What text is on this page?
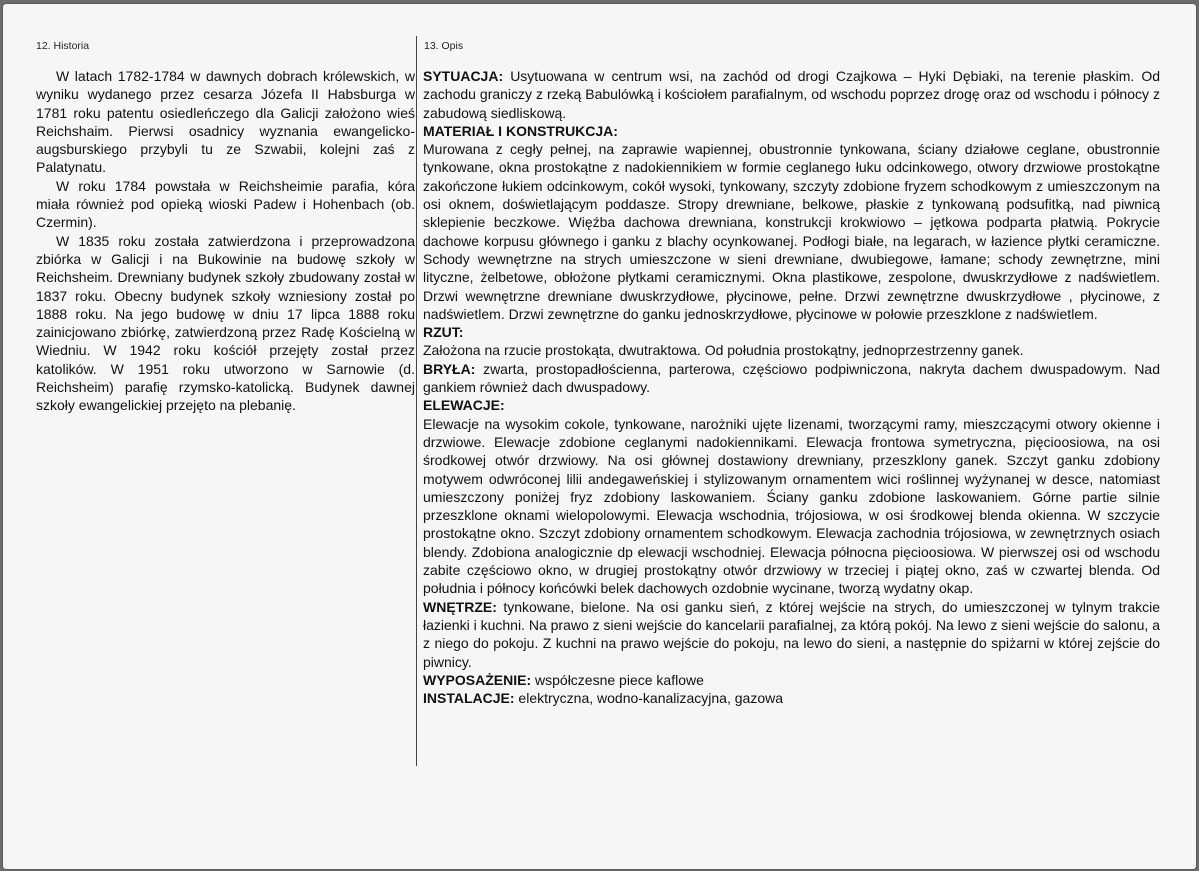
12. Historia	13. Opis

W latach 1782-1784 w dawnych dobrach królewskich, w wyniku wydanego przez cesarza Józefa II Habsburga w 1781 roku patentu osiedleńczego dla Galicji założono wieś Reichshaim. Pierwsi osadnicy wyznania ewangelicko-augsburskiego przybyli tu ze Szwabii, kolejni zaś z Palatynatu.

W roku 1784 powstała w Reichsheimie parafia, kóra miała również pod opieką wioski Padew i Hohenbach (ob. Czermin).

W 1835 roku została zatwierdzona i przeprowadzona zbiórka w Galicji i na Bukowinie na budowę szkoły w Reichsheim. Drewniany budynek szkoły zbudowany został w 1837 roku. Obecny budynek szkoły wzniesiony został po 1888 roku. Na jego budowę w dniu 17 lipca 1888 roku zainicjowano zbiórkę, zatwierdzoną przez Radę Kościelną w Wiedniu. W 1942 roku kościół przejęty został przez katolików. W 1951 roku utworzono w Sarnowie (d. Reichsheim) parafię rzymsko-katolicką. Budynek dawnej szkoły ewangelickiej przejęto na plebanię.

SYTUACJA: Usytuowana w centrum wsi, na zachód od drogi Czajkowa – Hyki Dębiaki, na terenie płaskim. Od zachodu graniczy z rzeką Babulówką i kościołem parafialnym, od wschodu poprzez drogę oraz od wschodu i północy z zabudową siedliskową.

MATERIAŁ I KONSTRUKCJA:

Murowana z cegły pełnej, na zaprawie wapiennej, obustronnie tynkowana, ściany działowe ceglane, obustronnie tynkowane, okna prostokątne z nadokiennikiem w formie ceglanego łuku odcinkowego, otwory drzwiowe prostokątne zakończone łukiem odcinkowym, cokół wysoki, tynkowany, szczyty zdobione fryzem schodkowym z umieszczonym na osi oknem, doświetlającym poddasze. Stropy drewniane, belkowe, płaskie z tynkowaną podsufitką, nad piwnicą sklepienie beczkowe. Więźba dachowa drewniana, konstrukcji krokwiowo – jętkowa podparta płatwią. Pokrycie dachowe korpusu głównego i ganku z blachy ocynkowanej. Podłogi białe, na legarach, w łazience płytki ceramiczne. Schody wewnętrzne na strych umieszczone w sieni drewniane, dwubiegowe, łamane; schody zewnętrzne, mini lityczne, żelbetowe, obłożone płytkami ceramicznymi. Okna plastikowe, zespolone, dwuskrzydłowe z nadświetlem. Drzwi wewnętrzne drewniane dwuskrzydłowe, płycinowe, pełne. Drzwi zewnętrzne dwuskrzydłowe , płycinowe, z nadświetlem. Drzwi zewnętrzne do ganku jednoskrzydłowe, płycinowe w połowie przeszklone z nadświetlem.

RZUT:

Założona na rzucie prostokąta, dwutraktowa. Od południa prostokątny, jednoprzestrzenny ganek.

BRYŁA: zwarta, prostopadłościenna, parterowa, częściowo podpiwniczona, nakryta dachem dwuspadowym. Nad gankiem również dach dwuspadowy.

ELEWACJE:

Elewacje na wysokim cokole, tynkowane, narożniki ujęte lizenami, tworzącymi ramy, mieszczącymi otwory okienne i drzwiowe. Elewacje zdobione ceglanymi nadokiennikami. Elewacja frontowa symetryczna, pięcioosiowa, na osi środkowej otwór drzwiowy. Na osi głównej dostawiony drewniany, przeszklony ganek. Szczyt ganku zdobiony motywem odwróconej lilii andegaweńskiej i stylizowanym ornamentem wici roślinnej wyżynanej w desce, natomiast umieszczony poniżej fryz zdobiony laskowaniem. Ściany ganku zdobione laskowaniem. Górne partie silnie przeszklone oknami wielopolowymi. Elewacja wschodnia, trójosiowa, w osi środkowej blenda okienna. W szczycie prostokątne okno. Szczyt zdobiony ornamentem schodkowym. Elewacja zachodnia trójosiowa, w zewnętrznych osiach blendy. Zdobiona analogicznie dp elewacji wschodniej. Elewacja północna pięcioosiowa. W pierwszej osi od wschodu zabite częściowo okno, w drugiej prostokątny otwór drzwiowy w trzeciej i piątej okno, zaś w czwartej blenda. Od południa i północy końcówki belek dachowych ozdobnie wycinane, tworzą wydatny okap.

WNĘTRZE: tynkowane, bielone. Na osi ganku sień, z której wejście na strych, do umieszczonej w tylnym trakcie łazienki i kuchni. Na prawo z sieni wejście do kancelarii parafialnej, za którą pokój. Na lewo z sieni wejście do salonu, a z niego do pokoju. Z kuchni na prawo wejście do pokoju, na lewo do sieni, a następnie do spiżarni w której zejście do piwnicy.

WYPOSAŻENIE: współczesne piece kaflowe

INSTALACJE: elektryczna, wodno-kanalizacyjna, gazowa
